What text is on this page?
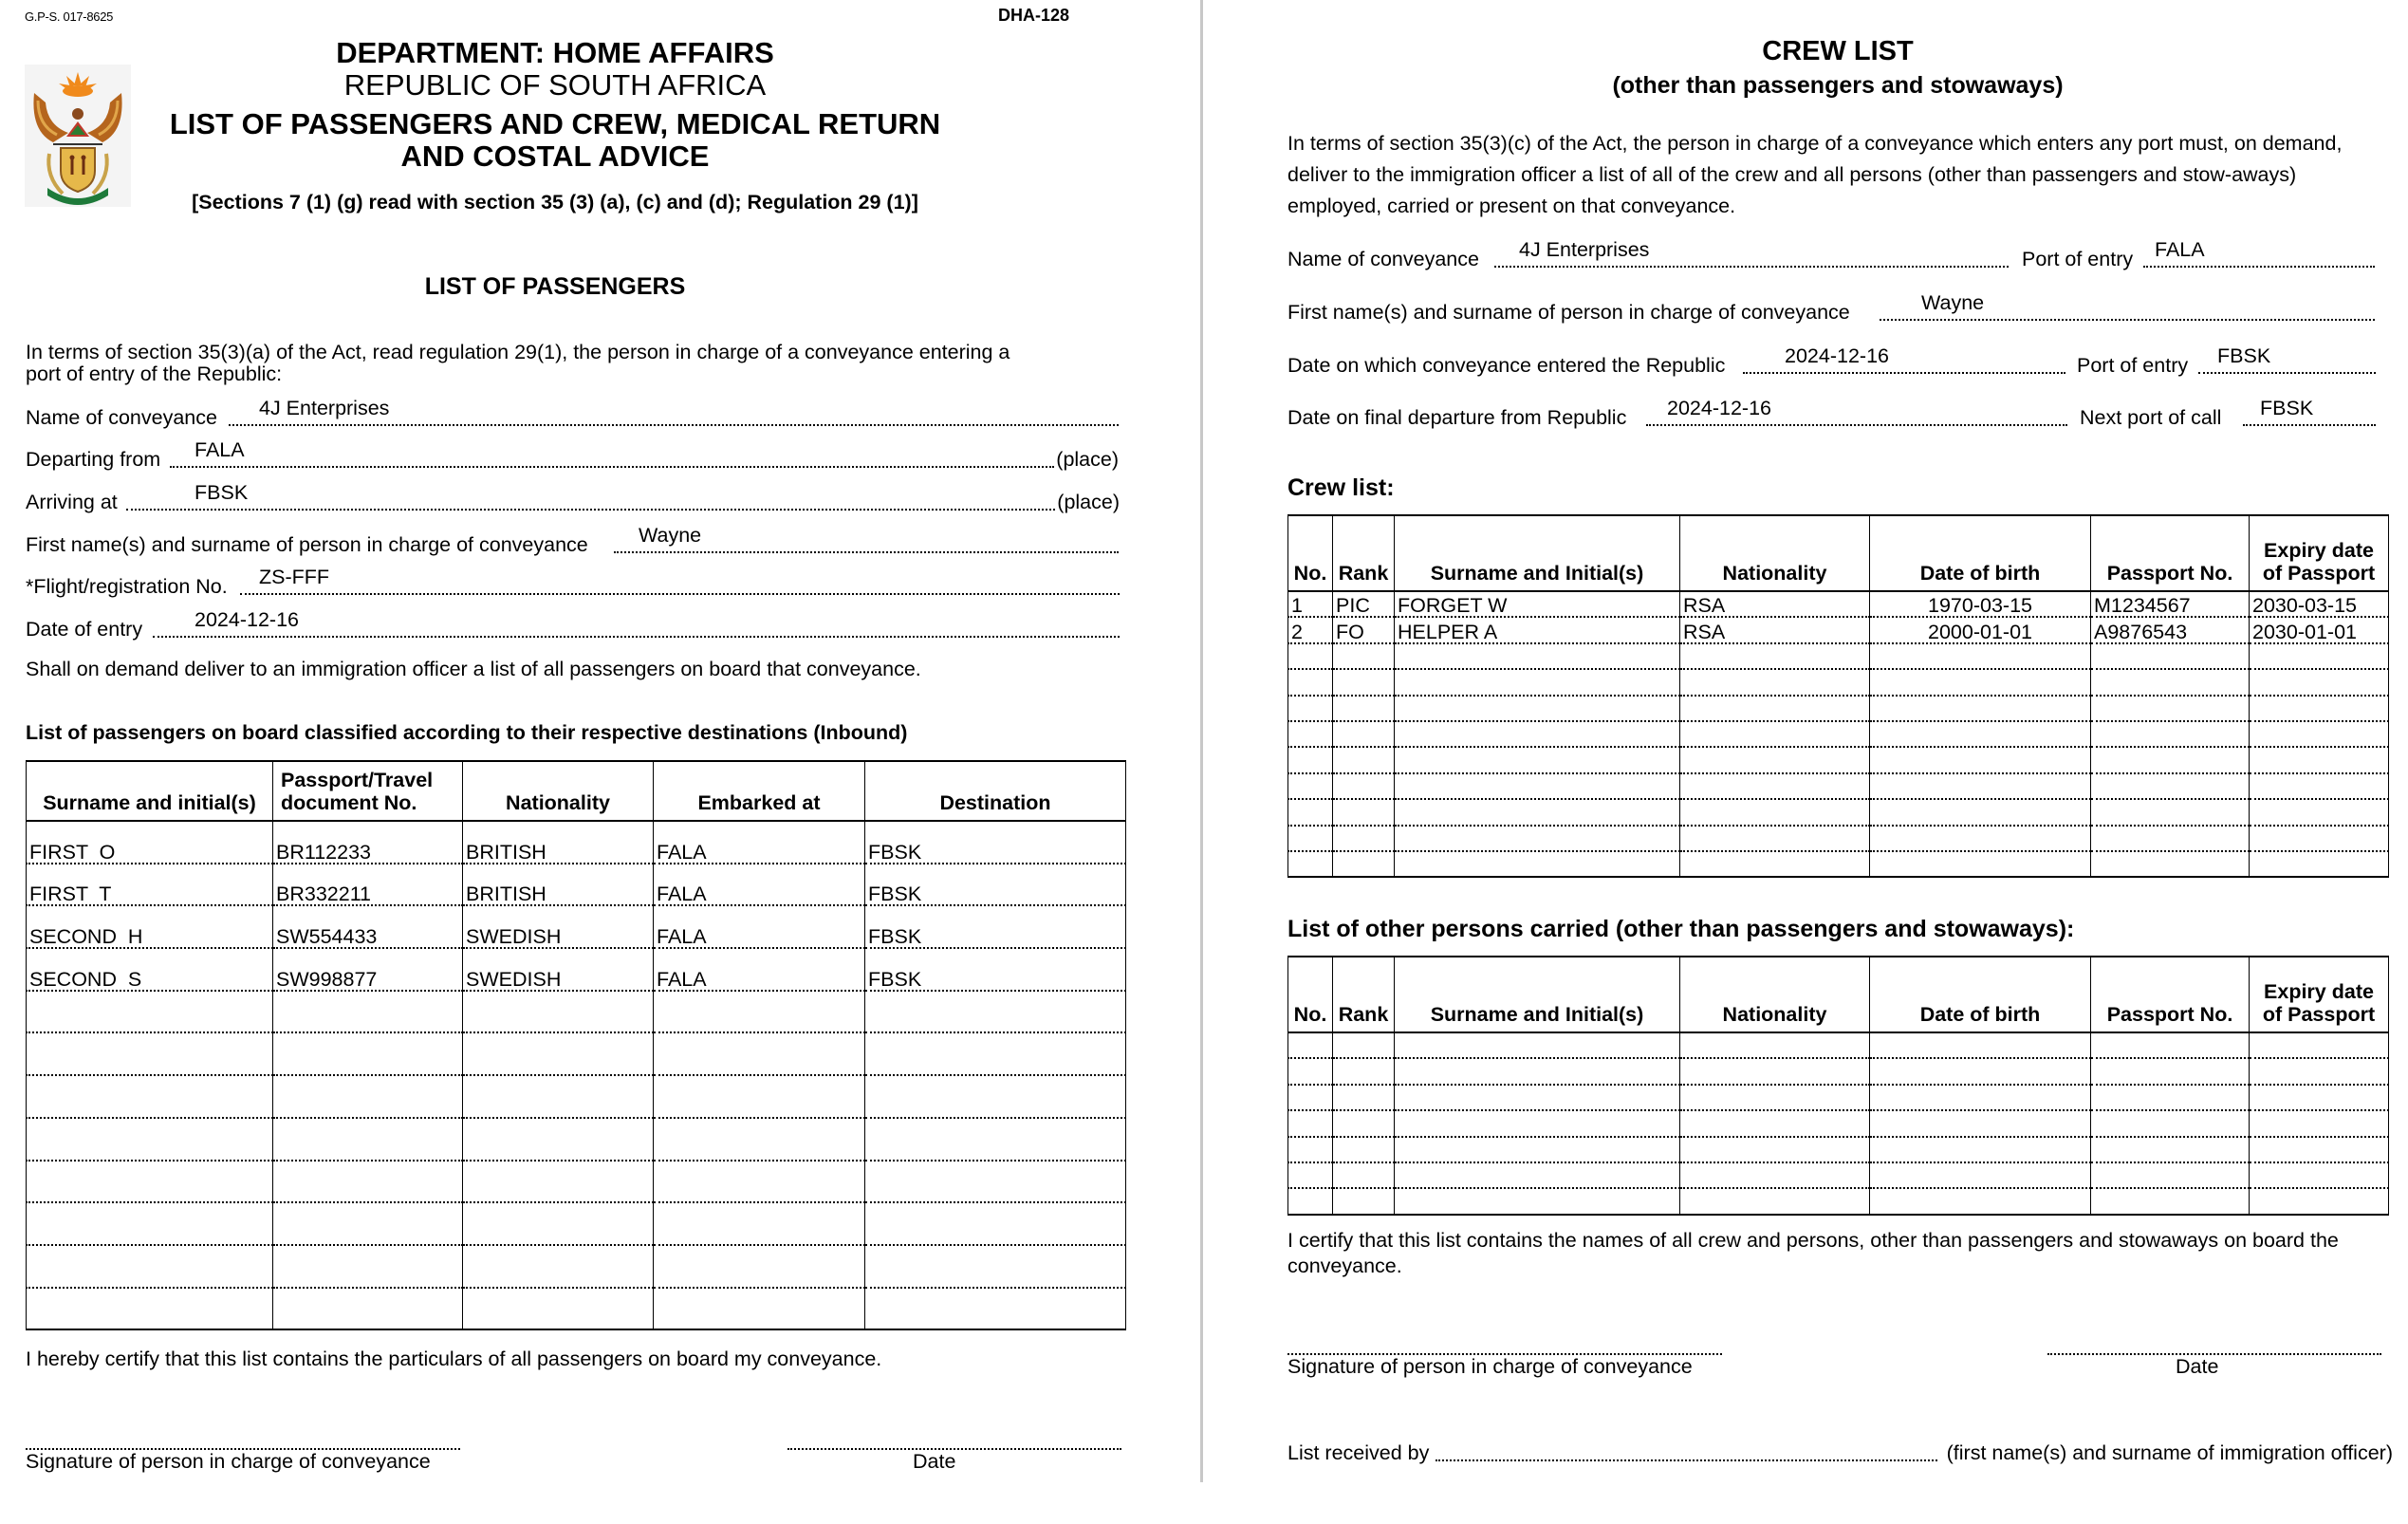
G.P-S. 017-8625	DHA-128
DEPARTMENT: HOME AFFAIRS
REPUBLIC OF SOUTH AFRICA
LIST OF PASSENGERS AND CREW, MEDICAL RETURN AND COSTAL ADVICE
[Sections 7 (1) (g) read with section 35 (3) (a), (c) and (d); Regulation 29 (1)]
LIST OF PASSENGERS
In terms of section 35(3)(a) of the Act, read regulation 29(1), the person in charge of a conveyance entering a port of entry of the Republic:
Name of conveyance 4J Enterprises
Departing from FALA	(place)
Arriving at	FBSK	(place)
First name(s) and surname of person in charge of conveyance Wayne
*Flight/registration No. ZS-FFF
Date of entry	2024-12-16
Shall on demand deliver to an immigration officer a list of all passengers on board that conveyance.
List of passengers on board classified according to their respective destinations (Inbound)
Surname and initial(s)	Passport/Travel document No.	Nationality	Embarked at	Destination
FIRST  O	BR112233	BRITISH	FALA	FBSK
FIRST  T	BR332211	BRITISH	FALA	FBSK
SECOND  H	SW554433	SWEDISH	FALA	FBSK
SECOND  S	SW998877	SWEDISH	FALA	FBSK

I hereby certify that this list contains the particulars of all passengers on board my conveyance.
Signature of person in charge of conveyance	Date
CREW LIST
(other than passengers and stowaways)
In terms of section 35(3)(c) of the Act, the person in charge of a conveyance which enters any port must, on demand, deliver to the immigration officer a list of all of the crew and all persons (other than passengers and stow-aways) employed, carried or present on that conveyance.
Name of conveyance 4J Enterprises	Port of entry FALA
First name(s) and surname of person in charge of conveyance	Wayne
Date on which conveyance entered the Republic	2024-12-16	Port of entry FBSK
Date on final departure from Republic 2024-12-16	Next port of call FBSK
Crew list:
No.	Rank	Surname and Initial(s)	Nationality	Date of birth	Passport No.	Expiry date of Passport
1	PIC	FORGET W	RSA	1970-03-15	M1234567	2030-03-15
2	FO	HELPER A	RSA	2000-01-01	A9876543	2030-01-01

List of other persons carried (other than passengers and stowaways):
No.	Rank	Surname and Initial(s)	Nationality	Date of birth	Passport No.	Expiry date of Passport

I certify that this list contains the names of all crew and persons, other than passengers and stowaways on board the conveyance.
Signature of person in charge of conveyance	Date
List received by	(first name(s) and surname of immigration officer)
